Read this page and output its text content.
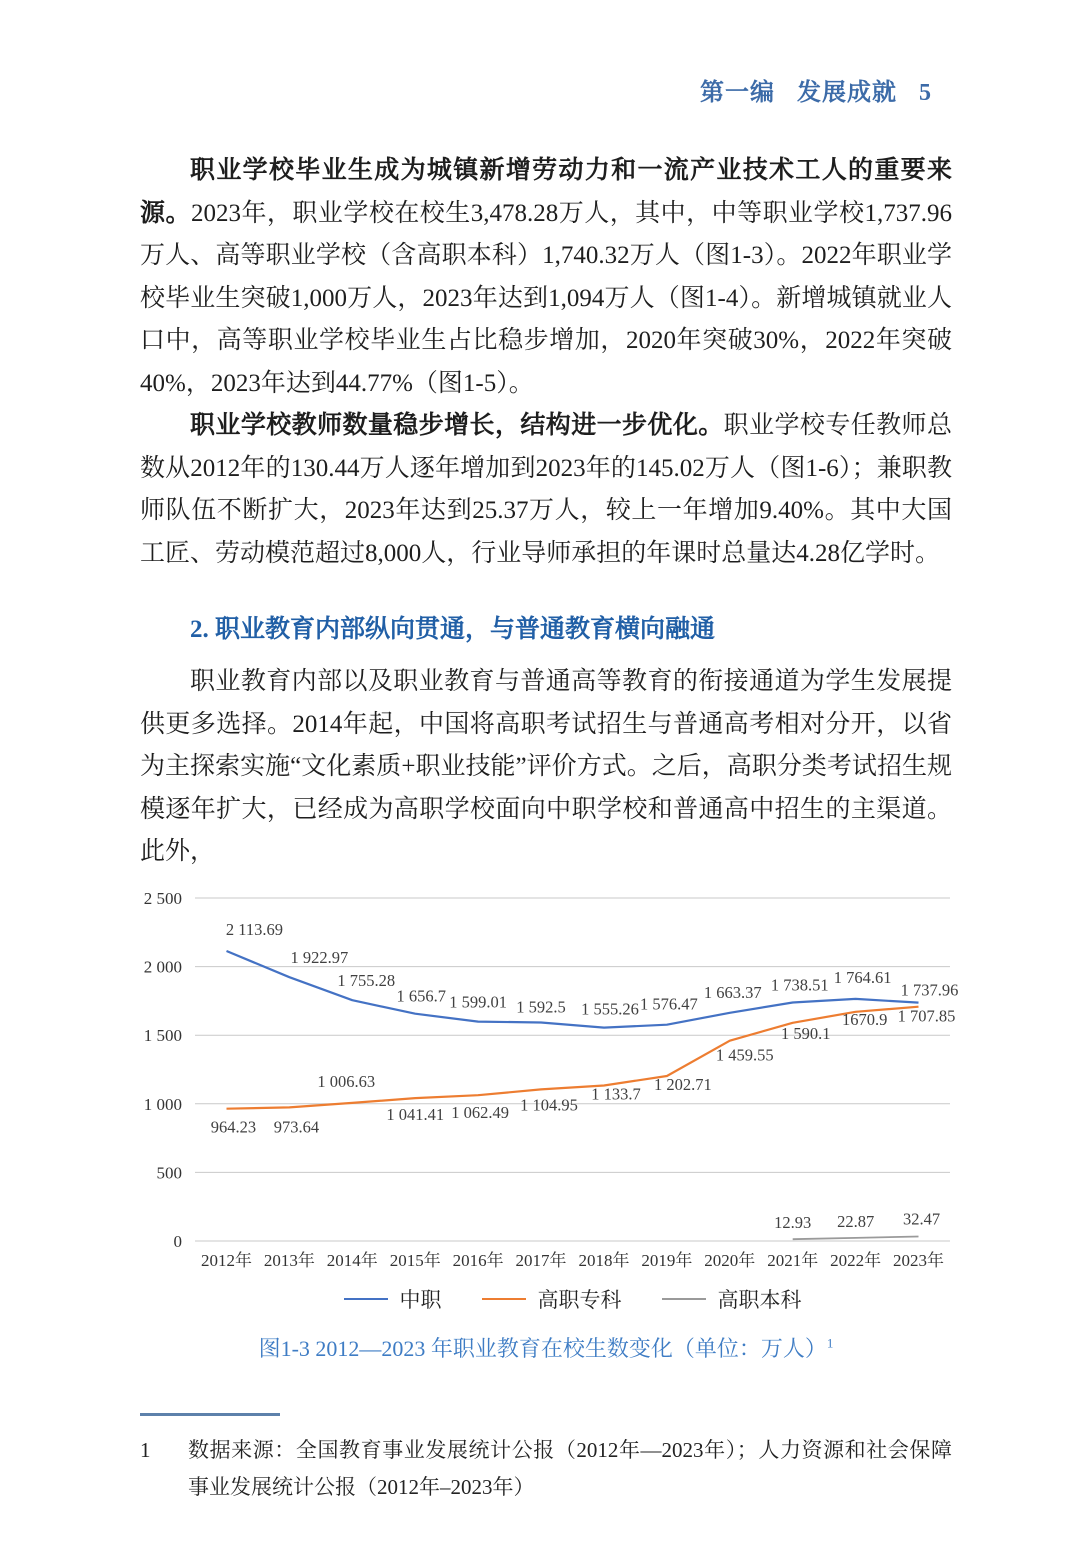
第一编 发展成就 5

职业学校毕业生成为城镇新增劳动力和一流产业技术工人的重要来源。2023年，职业学校在校生3,478.28万人，其中，中等职业学校1,737.96万人、高等职业学校（含高职本科）1,740.32万人（图1-3）。2022年职业学校毕业生突破1,000万人，2023年达到1,094万人（图1-4）。新增城镇就业人口中，高等职业学校毕业生占比稳步增加，2020年突破30%，2022年突破40%，2023年达到44.77%（图1-5）。

职业学校教师数量稳步增长，结构进一步优化。职业学校专任教师总数从2012年的130.44万人逐年增加到2023年的145.02万人（图1-6）；兼职教师队伍不断扩大，2023年达到25.37万人，较上一年增加9.40%。其中大国工匠、劳动模范超过8,000人，行业导师承担的年课时总量达4.28亿学时。

2. 职业教育内部纵向贯通，与普通教育横向融通

职业教育内部以及职业教育与普通高等教育的衔接通道为学生发展提供更多选择。2014年起，中国将高职考试招生与普通高考相对分开，以省为主探索实施“文化素质+职业技能”评价方式。之后，高职分类考试招生规模逐年扩大，已经成为高职学校面向中职学校和普通高中招生的主渠道。此外，

0
500
1 000
1 500
2 000
2 500
2012年 2013年 2014年 2015年 2016年 2017年 2018年 2019年 2020年 2021年 2022年 2023年
2 113.69
1 922.97
1 755.28
1 656.7 1 599.01 1 592.5 1 555.26 1 576.47
1 663.37 1 738.51 1 764.61
1 737.96
964.23 973.64
1 006.63
1 041.41 1 062.49 1 104.95
1 133.7 1 202.71
1 459.55
1 590.1
1670.9 1 707.85
12.93 22.87 32.47
中职	高职专科	高职本科
图1-3 2012—2023 年职业教育在校生数变化（单位：万人）$^1$
1	数据来源：全国教育事业发展统计公报（2012年—2023年）；人力资源和社会保障事业发展统计公报（2012年–2023年）
